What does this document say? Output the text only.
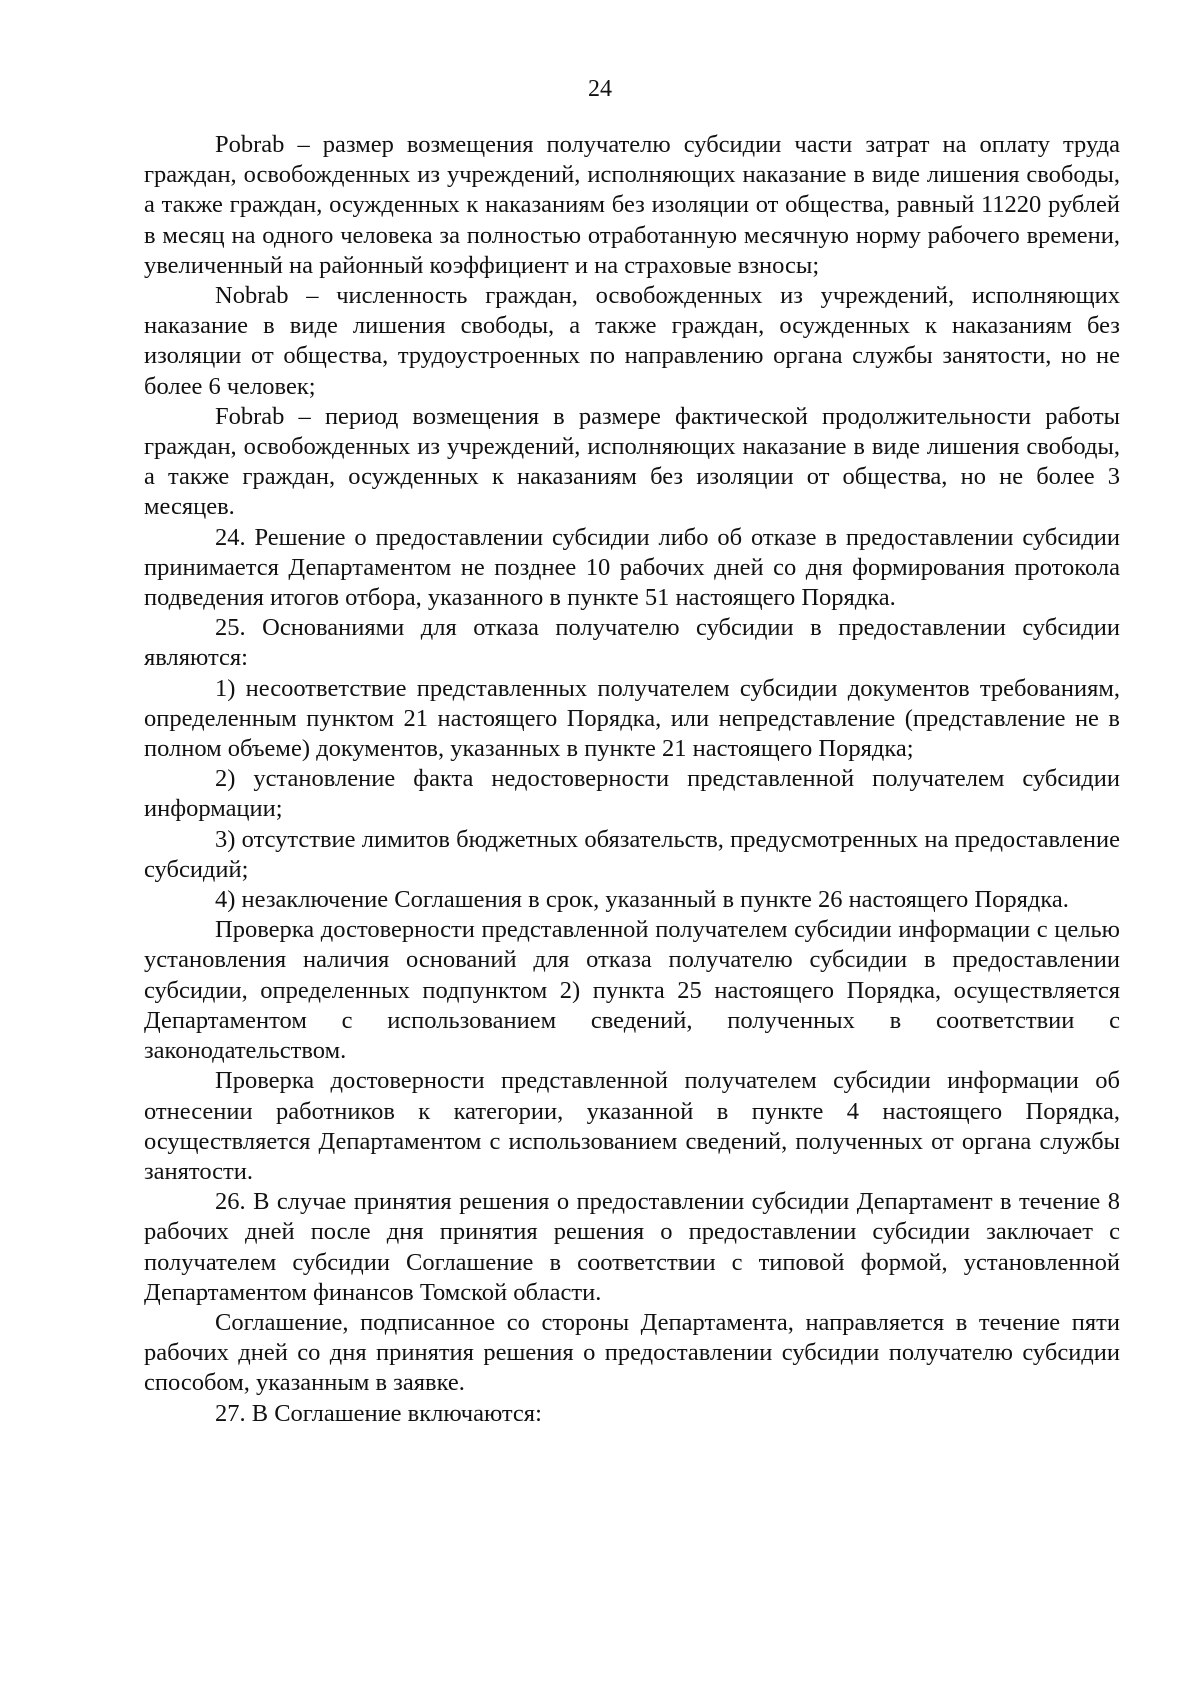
24

Pobrab – размер возмещения получателю субсидии части затрат на оплату труда граждан, освобожденных из учреждений, исполняющих наказание в виде лишения свободы, а также граждан, осужденных к наказаниям без изоляции от общества, равный 11220 рублей в месяц на одного человека за полностью отработанную месячную норму рабочего времени, увеличенный на районный коэффициент и на страховые взносы;

Nobrab – численность граждан, освобожденных из учреждений, исполняющих наказание в виде лишения свободы, а также граждан, осужденных к наказаниям без изоляции от общества, трудоустроенных по направлению органа службы занятости, но не более 6 человек;

Fobrab – период возмещения в размере фактической продолжительности работы граждан, освобожденных из учреждений, исполняющих наказание в виде лишения свободы, а также граждан, осужденных к наказаниям без изоляции от общества, но не более 3 месяцев.

24. Решение о предоставлении субсидии либо об отказе в предоставлении субсидии принимается Департаментом не позднее 10 рабочих дней со дня формирования протокола подведения итогов отбора, указанного в пункте 51 настоящего Порядка.

25. Основаниями для отказа получателю субсидии в предоставлении субсидии являются:

1) несоответствие представленных получателем субсидии документов требованиям, определенным пунктом 21 настоящего Порядка, или непредставление (представление не в полном объеме) документов, указанных в пункте 21 настоящего Порядка;

2) установление факта недостоверности представленной получателем субсидии информации;

3) отсутствие лимитов бюджетных обязательств, предусмотренных на предоставление субсидий;

4) незаключение Соглашения в срок, указанный в пункте 26 настоящего Порядка.

Проверка достоверности представленной получателем субсидии информации с целью установления наличия оснований для отказа получателю субсидии в предоставлении субсидии, определенных подпунктом 2) пункта 25 настоящего Порядка, осуществляется Департаментом с использованием сведений, полученных в соответствии с законодательством.

Проверка достоверности представленной получателем субсидии информации об отнесении работников к категории, указанной в пункте 4 настоящего Порядка, осуществляется Департаментом с использованием сведений, полученных от органа службы занятости.

26. В случае принятия решения о предоставлении субсидии Департамент в течение 8 рабочих дней после дня принятия решения о предоставлении субсидии заключает с получателем субсидии Соглашение в соответствии с типовой формой, установленной Департаментом финансов Томской области.

Соглашение, подписанное со стороны Департамента, направляется в течение пяти рабочих дней со дня принятия решения о предоставлении субсидии получателю субсидии способом, указанным в заявке.

27. В Соглашение включаются:
